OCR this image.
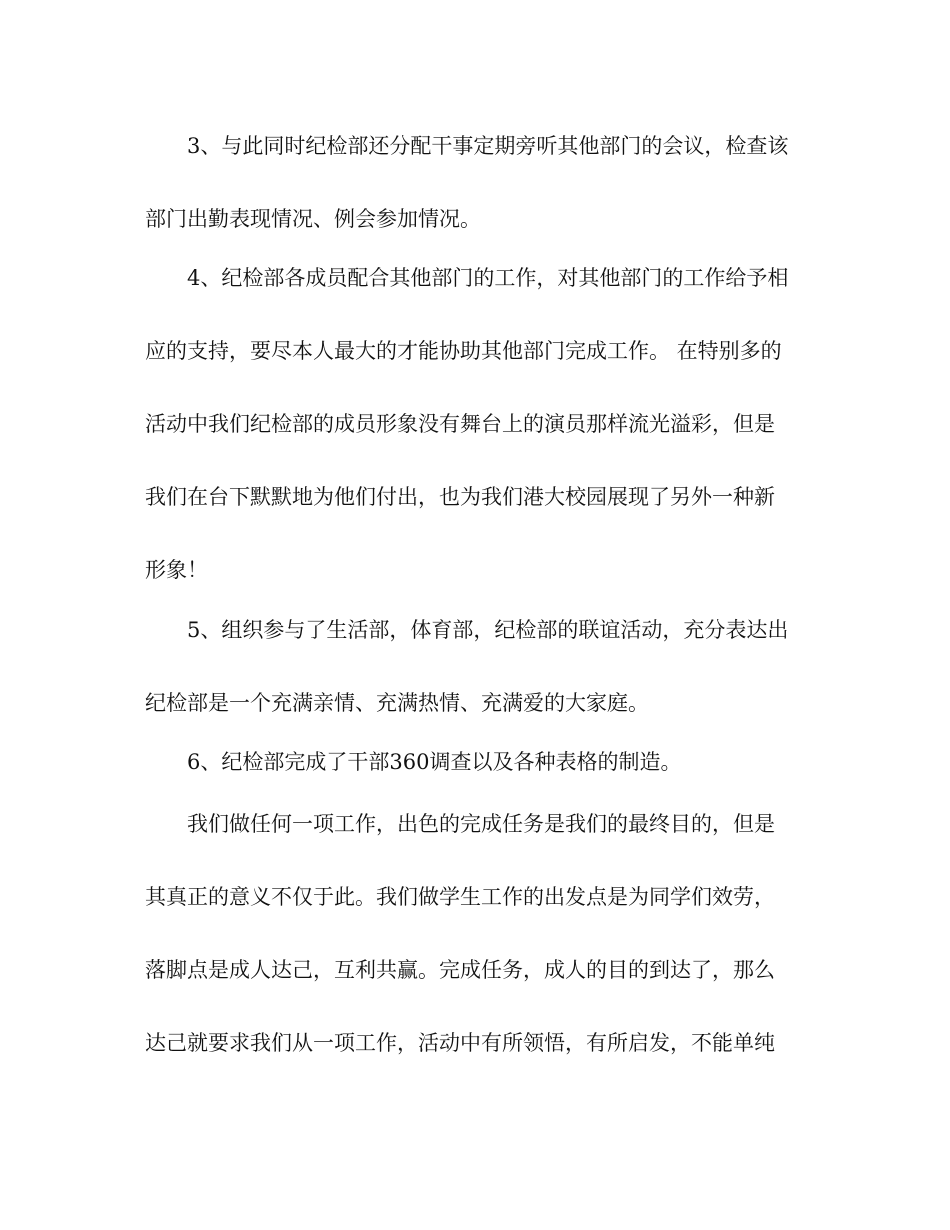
3、与此同时纪检部还分配干事定期旁听其他部门的会议，检查该

部门出勤表现情况、例会参加情况。

4、纪检部各成员配合其他部门的工作，对其他部门的工作给予相

应的支持，要尽本人最大的才能协助其他部门完成工作。 在特别多的

活动中我们纪检部的成员形象没有舞台上的演员那样流光溢彩，但是

我们在台下默默地为他们付出，也为我们港大校园展现了另外一种新

形象！

5、组织参与了生活部，体育部，纪检部的联谊活动，充分表达出

纪检部是一个充满亲情、充满热情、充满爱的大家庭。

6、纪检部完成了干部360调查以及各种表格的制造。

我们做任何一项工作，出色的完成任务是我们的最终目的，但是

其真正的意义不仅于此。我们做学生工作的出发点是为同学们效劳，

落脚点是成人达己，互利共赢。完成任务，成人的目的到达了，那么

达己就要求我们从一项工作，活动中有所领悟，有所启发，不能单纯
